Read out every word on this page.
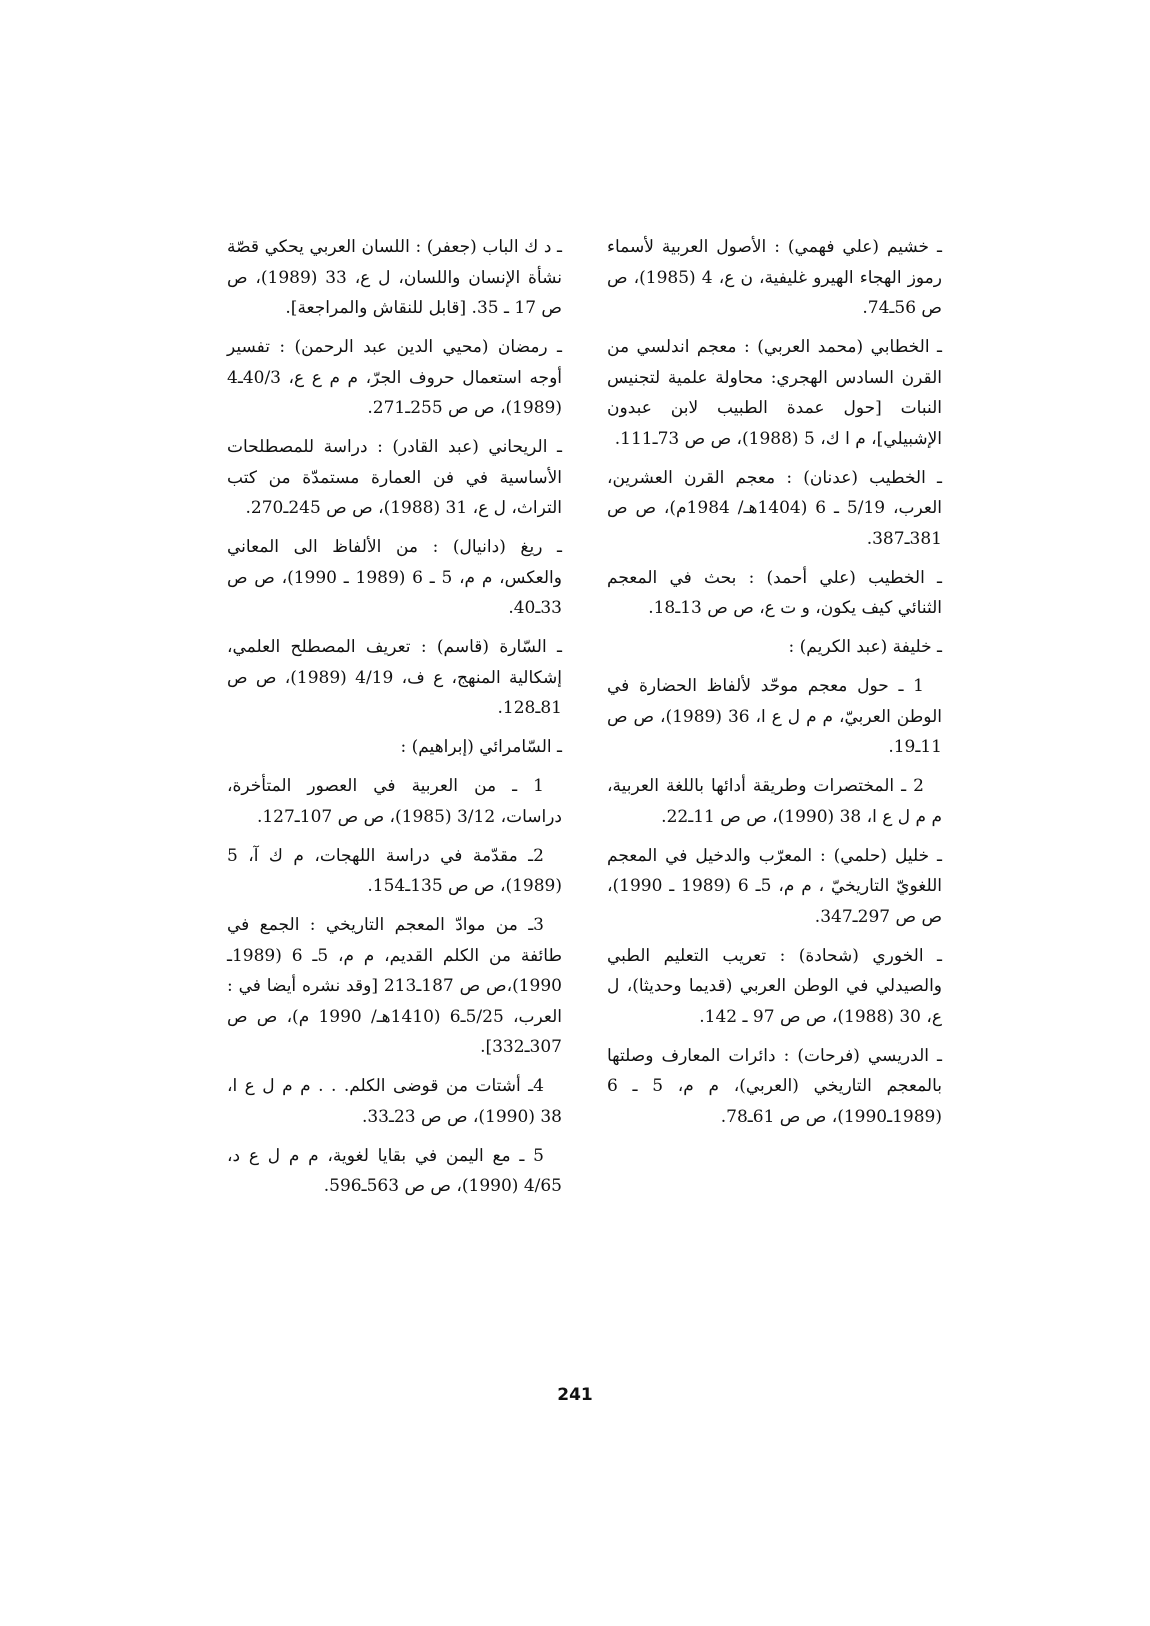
ـ خشيم (علي فهمي) : الأصول العربية لأسماء رموز الهجاء الهيرو غليفية، ن ع، 4 (1985)، ص ص 56ـ74.

ـ الخطابي (محمد العربي) : معجم اندلسي من القرن السادس الهجري: محاولة علمية لتجنيس النبات [حول عمدة الطبيب لابن عبدون الإشبيلي]، م ا ك، 5 (1988)، ص ص 73ـ111.

ـ الخطيب (عدنان) : معجم القرن العشرين، العرب، 5/19 ـ 6 (1404هـ/ 1984م)، ص ص 381ـ387.

ـ الخطيب (علي أحمد) : بحث في المعجم الثنائي كيف يكون، و ت ع، ص ص 13ـ18.

ـ خليفة (عبد الكريم) :

1 ـ حول معجم موحّد لألفاظ الحضارة في الوطن العربيّ، م م ل ع ا، 36 (1989)، ص ص 11ـ19.

2 ـ المختصرات وطريقة أدائها باللغة العربية، م م ل ع ا، 38 (1990)، ص ص 11ـ22.

ـ خليل (حلمي) : المعرّب والدخيل في المعجم اللغويّ التاريخيّ ، م م، 5ـ 6 (1989 ـ 1990)، ص ص 297ـ347.

ـ الخوري (شحادة) : تعريب التعليم الطبي والصيدلي في الوطن العربي (قديما وحديثا)، ل ع، 30 (1988)، ص ص 97 ـ 142.

ـ الدريسي (فرحات) : دائرات المعارف وصلتها بالمعجم التاريخي (العربي)، م م، 5 ـ 6 (1989ـ1990)، ص ص 61ـ78.

ـ د ك الباب (جعفر) : اللسان العربي يحكي قصّة نشأة الإنسان واللسان، ل ع، 33 (1989)، ص ص 17 ـ 35. [قابل للنقاش والمراجعة].

ـ رمضان (محيي الدين عبد الرحمن) : تفسير أوجه استعمال حروف الجرّ، م م ع ع، 40/3ـ4 (1989)، ص ص 255ـ271.

ـ الريحاني (عبد القادر) : دراسة للمصطلحات الأساسية في فن العمارة مستمدّة من كتب التراث، ل ع، 31 (1988)، ص ص 245ـ270.

ـ ريغ (دانيال) : من الألفاظ الى المعاني والعكس، م م، 5 ـ 6 (1989 ـ 1990)، ص ص 33ـ40.

ـ السّارة (قاسم) : تعريف المصطلح العلمي، إشكالية المنهج، ع ف، 4/19 (1989)، ص ص 81ـ128.

ـ السّامرائي (إبراهيم) :

1 ـ من العربية في العصور المتأخرة، دراسات، 3/12 (1985)، ص ص 107ـ127.

2ـ مقدّمة في دراسة اللهجات، م ك آ، 5 (1989)، ص ص 135ـ154.

3ـ من موادّ المعجم التاريخي : الجمع في طائفة من الكلم القديم، م م، 5ـ 6 (1989ـ 1990)،ص ص 187ـ213 [وقد نشره أيضا في : العرب، 5/25ـ6 (1410هـ/ 1990 م)، ص ص 307ـ332].

4ـ أشتات من قوضى الكلم. . . م م ل ع ا، 38 (1990)، ص ص 23ـ33.

5 ـ مع اليمن في بقايا لغوية، م م ل ع د، 4/65 (1990)، ص ص 563ـ596.

241
